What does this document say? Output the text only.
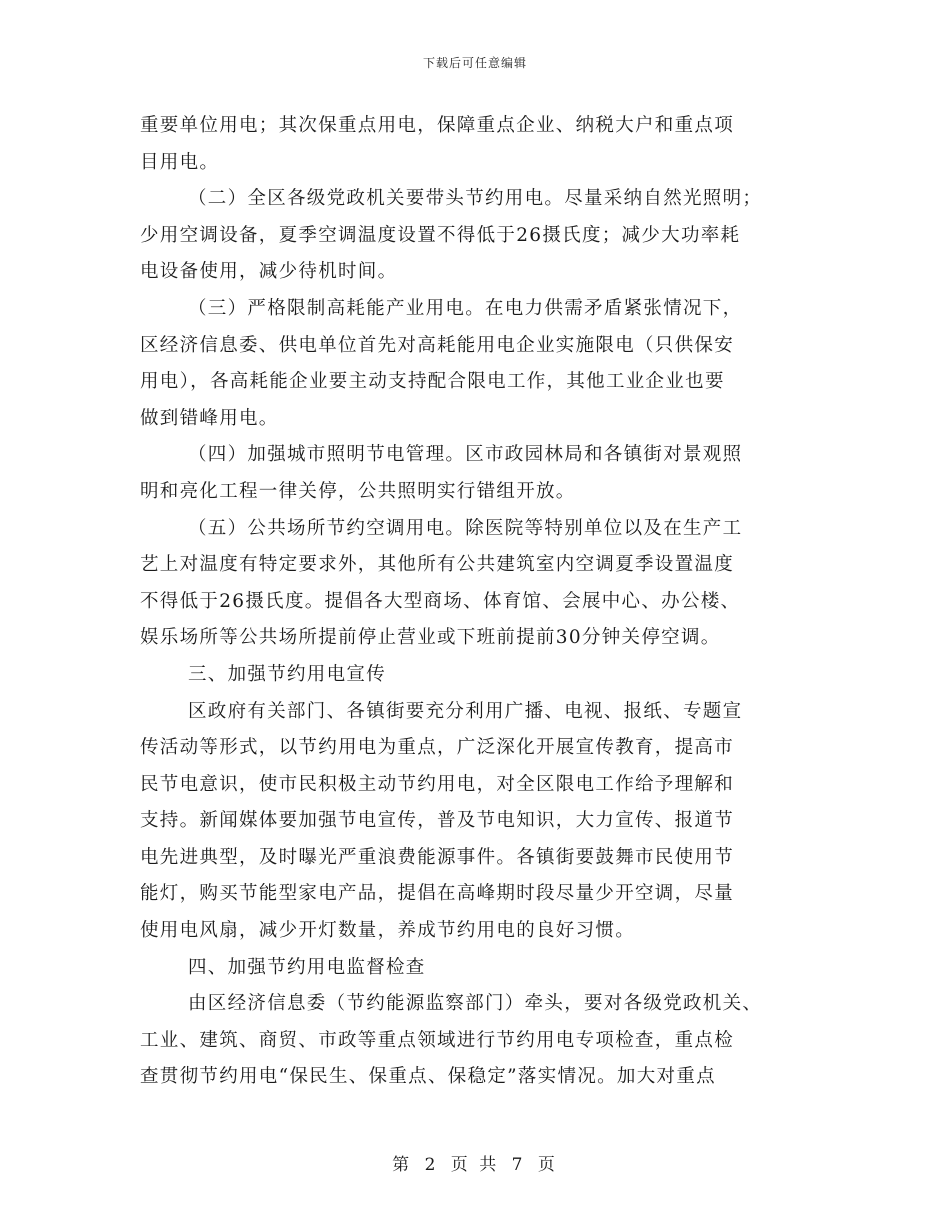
下载后可任意编辑
重要单位用电；其次保重点用电，保障重点企业、纳税大户和重点项
目用电。
（二）全区各级党政机关要带头节约用电。尽量采纳自然光照明；
少用空调设备，夏季空调温度设置不得低于26摄氏度；减少大功率耗
电设备使用，减少待机时间。
（三）严格限制高耗能产业用电。在电力供需矛盾紧张情况下，
区经济信息委、供电单位首先对高耗能用电企业实施限电（只供保安
用电），各高耗能企业要主动支持配合限电工作，其他工业企业也要
做到错峰用电。
（四）加强城市照明节电管理。区市政园林局和各镇街对景观照
明和亮化工程一律关停，公共照明实行错组开放。
（五）公共场所节约空调用电。除医院等特别单位以及在生产工
艺上对温度有特定要求外，其他所有公共建筑室内空调夏季设置温度
不得低于26摄氏度。提倡各大型商场、体育馆、会展中心、办公楼、
娱乐场所等公共场所提前停止营业或下班前提前30分钟关停空调。
三、加强节约用电宣传
区政府有关部门、各镇街要充分利用广播、电视、报纸、专题宣
传活动等形式，以节约用电为重点，广泛深化开展宣传教育，提高市
民节电意识，使市民积极主动节约用电，对全区限电工作给予理解和
支持。新闻媒体要加强节电宣传，普及节电知识，大力宣传、报道节
电先进典型，及时曝光严重浪费能源事件。各镇街要鼓舞市民使用节
能灯，购买节能型家电产品，提倡在高峰期时段尽量少开空调，尽量
使用电风扇，减少开灯数量，养成节约用电的良好习惯。
四、加强节约用电监督检查
由区经济信息委（节约能源监察部门）牵头，要对各级党政机关、
工业、建筑、商贸、市政等重点领域进行节约用电专项检查，重点检
查贯彻节约用电“保民生、保重点、保稳定”落实情况。加大对重点
第 2 页 共 7 页
